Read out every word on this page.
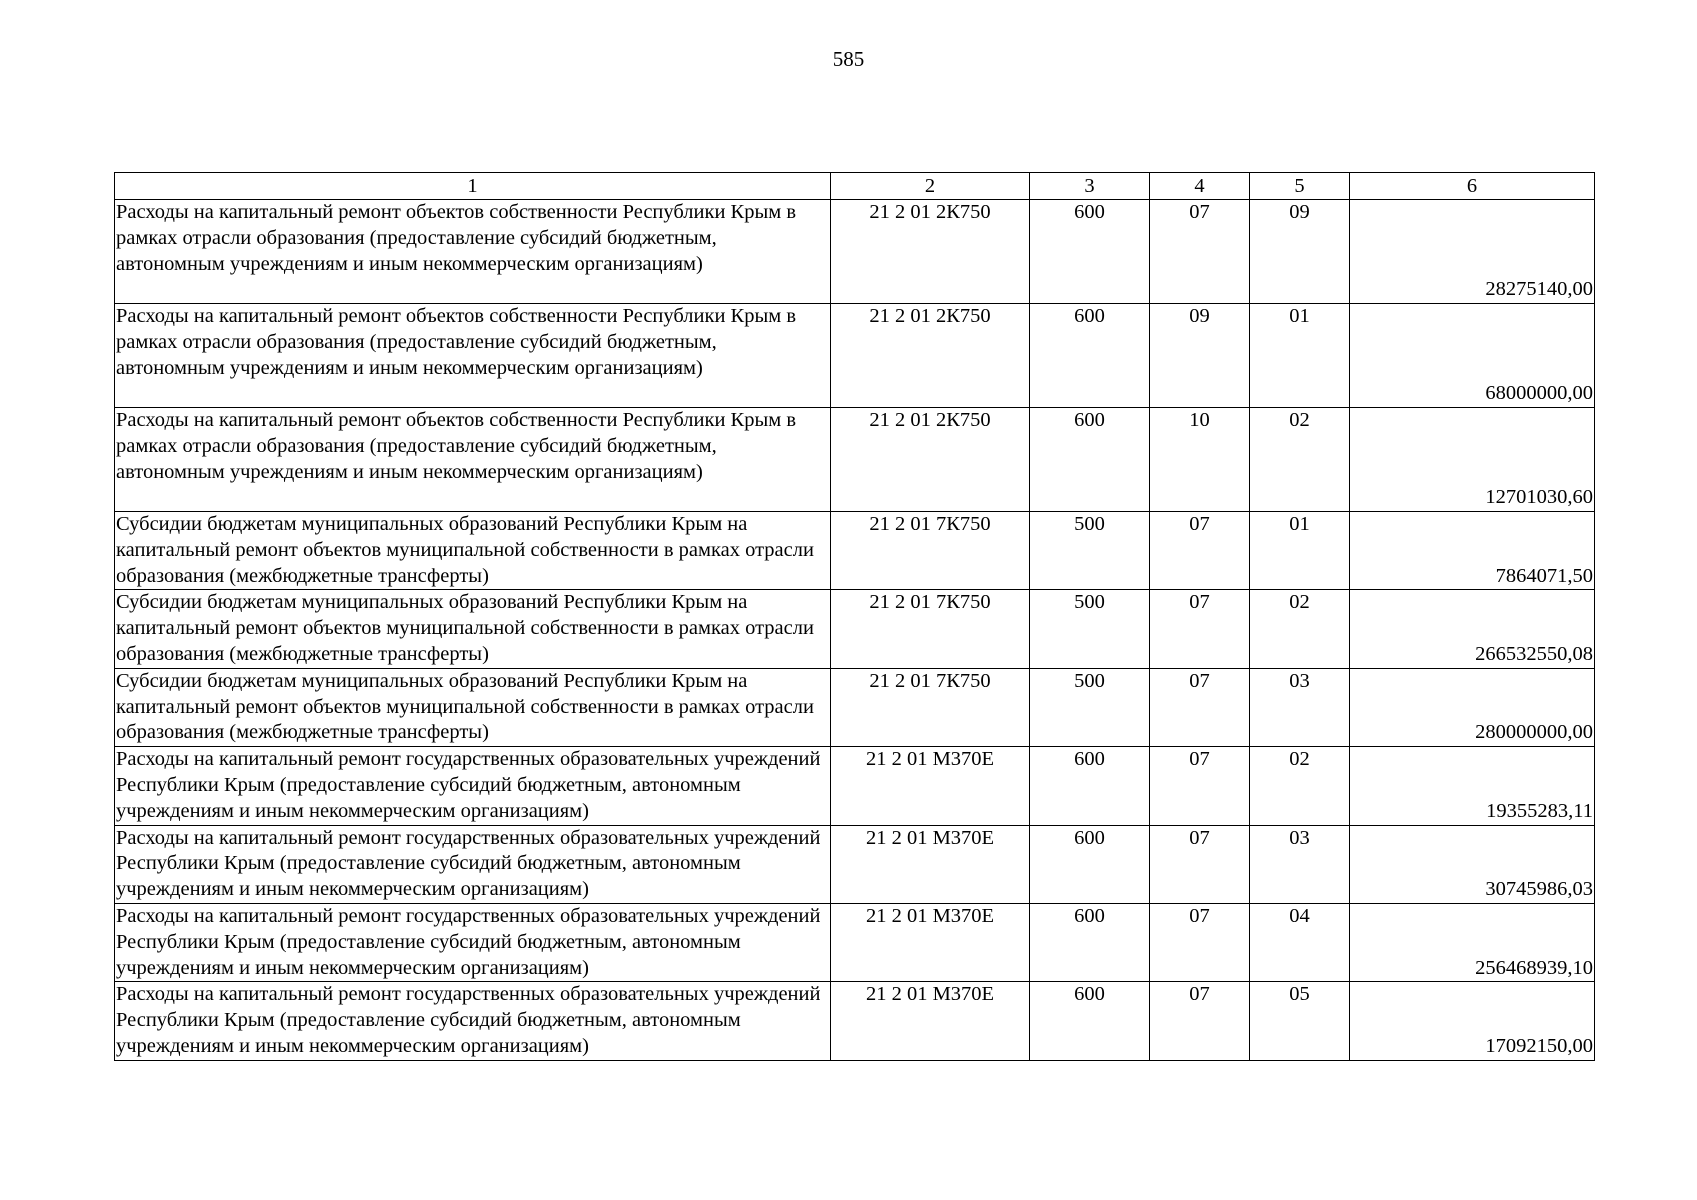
585
1	2	3	4	5	6
Расходы на капитальный ремонт объектов собственности Республики Крым в рамках отрасли образования (предоставление субсидий бюджетным, автономным учреждениям и иным некоммерческим организациям)	21 2 01 2К750	600	07	09	28275140,00
Расходы на капитальный ремонт объектов собственности Республики Крым в рамках отрасли образования (предоставление субсидий бюджетным, автономным учреждениям и иным некоммерческим организациям)	21 2 01 2К750	600	09	01	68000000,00
Расходы на капитальный ремонт объектов собственности Республики Крым в рамках отрасли образования (предоставление субсидий бюджетным, автономным учреждениям и иным некоммерческим организациям)	21 2 01 2К750	600	10	02	12701030,60
Субсидии бюджетам муниципальных образований Республики Крым на капитальный ремонт объектов муниципальной собственности в рамках отрасли образования (межбюджетные трансферты)	21 2 01 7К750	500	07	01	7864071,50
Субсидии бюджетам муниципальных образований Республики Крым на капитальный ремонт объектов муниципальной собственности в рамках отрасли образования (межбюджетные трансферты)	21 2 01 7К750	500	07	02	266532550,08
Субсидии бюджетам муниципальных образований Республики Крым на капитальный ремонт объектов муниципальной собственности в рамках отрасли образования (межбюджетные трансферты)	21 2 01 7К750	500	07	03	280000000,00
Расходы на капитальный ремонт государственных образовательных учреждений Республики Крым (предоставление субсидий бюджетным, автономным учреждениям и иным некоммерческим организациям)	21 2 01 М370Е	600	07	02	19355283,11
Расходы на капитальный ремонт государственных образовательных учреждений Республики Крым (предоставление субсидий бюджетным, автономным учреждениям и иным некоммерческим организациям)	21 2 01 М370Е	600	07	03	30745986,03
Расходы на капитальный ремонт государственных образовательных учреждений Республики Крым (предоставление субсидий бюджетным, автономным учреждениям и иным некоммерческим организациям)	21 2 01 М370Е	600	07	04	256468939,10
Расходы на капитальный ремонт государственных образовательных учреждений Республики Крым (предоставление субсидий бюджетным, автономным учреждениям и иным некоммерческим организациям)	21 2 01 М370Е	600	07	05	17092150,00
